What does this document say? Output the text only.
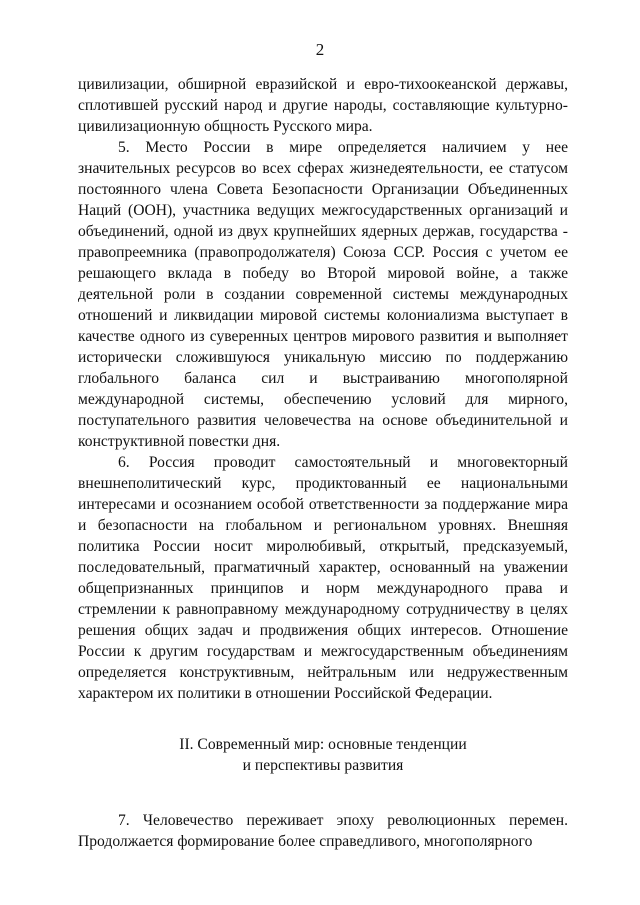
2

цивилизации, обширной евразийской и евро-тихоокеанской державы, сплотившей русский народ и другие народы, составляющие культурно-цивилизационную общность Русского мира.

5. Место России в мире определяется наличием у нее значительных ресурсов во всех сферах жизнедеятельности, ее статусом постоянного члена Совета Безопасности Организации Объединенных Наций (ООН), участника ведущих межгосударственных организаций и объединений, одной из двух крупнейших ядерных держав, государства - правопреемника (правопродолжателя) Союза ССР. Россия с учетом ее решающего вклада в победу во Второй мировой войне, а также деятельной роли в создании современной системы международных отношений и ликвидации мировой системы колониализма выступает в качестве одного из суверенных центров мирового развития и выполняет исторически сложившуюся уникальную миссию по поддержанию глобального баланса сил и выстраиванию многополярной международной системы, обеспечению условий для мирного, поступательного развития человечества на основе объединительной и конструктивной повестки дня.

6. Россия проводит самостоятельный и многовекторный внешнеполитический курс, продиктованный ее национальными интересами и осознанием особой ответственности за поддержание мира и безопасности на глобальном и региональном уровнях. Внешняя политика России носит миролюбивый, открытый, предсказуемый, последовательный, прагматичный характер, основанный на уважении общепризнанных принципов и норм международного права и стремлении к равноправному международному сотрудничеству в целях решения общих задач и продвижения общих интересов. Отношение России к другим государствам и межгосударственным объединениям определяется конструктивным, нейтральным или недружественным характером их политики в отношении Российской Федерации.

II. Современный мир: основные тенденции
и перспективы развития

7. Человечество переживает эпоху революционных перемен. Продолжается формирование более справедливого, многополярного
